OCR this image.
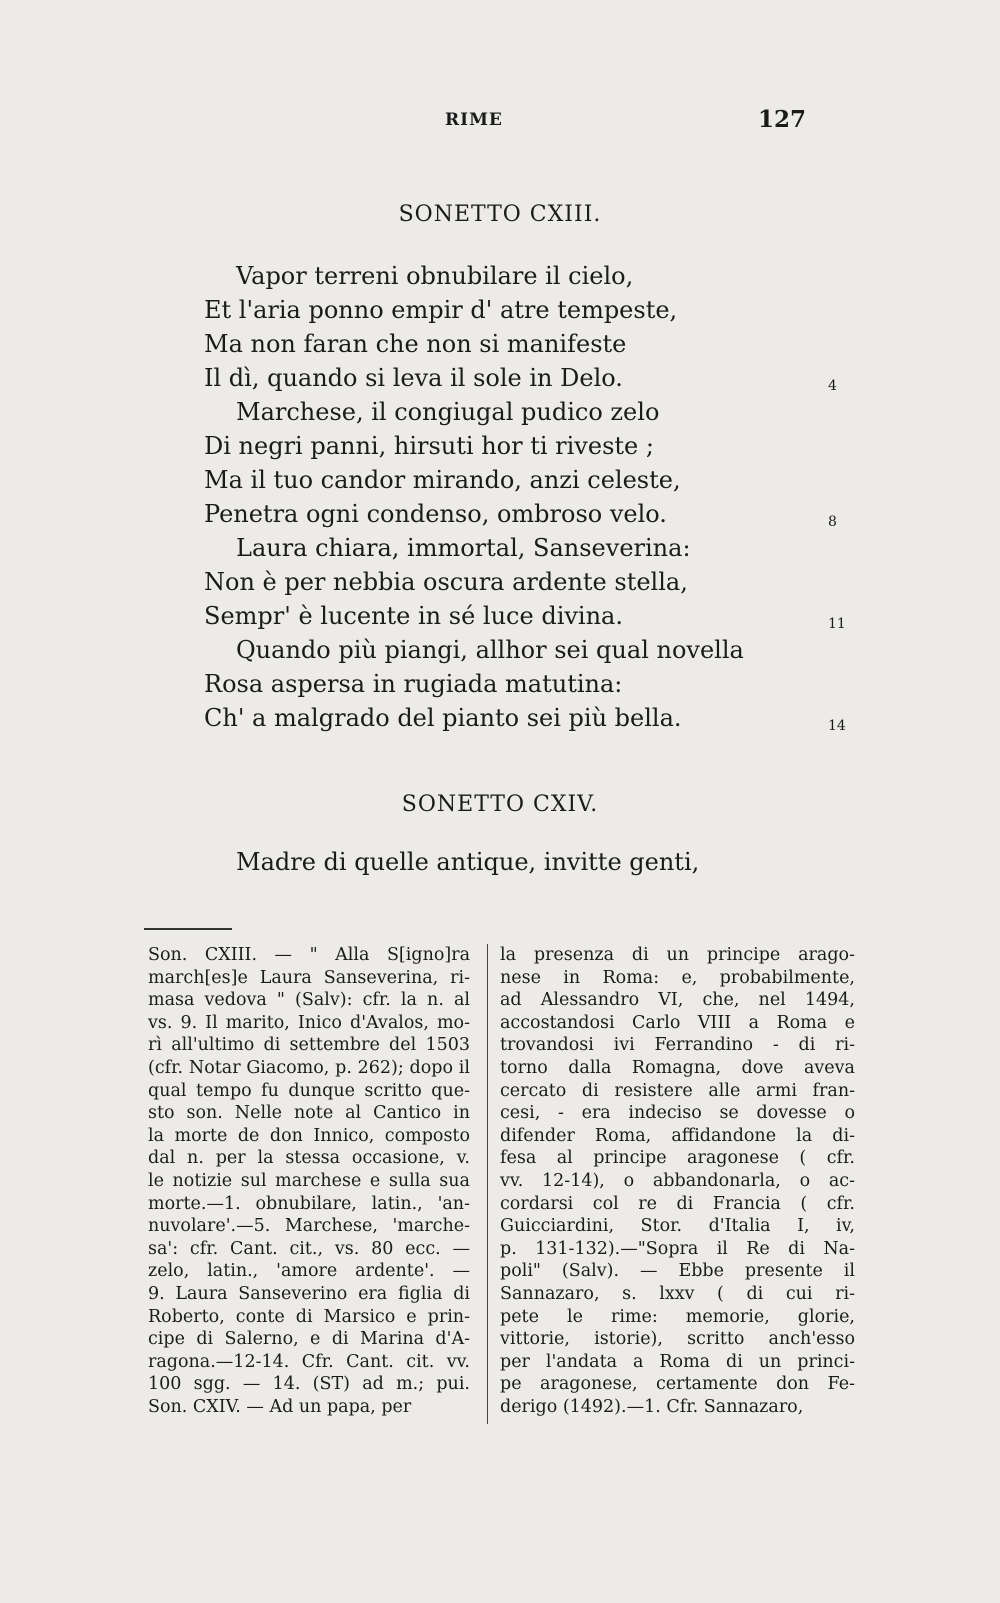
RIME	127
SONETTO CXIII.
Vapor terreni obnubilare il cielo,
Et l'aria ponno empir d' atre tempeste,
Ma non faran che non si manifeste
Il dì, quando si leva il sole in Delo.	4
Marchese, il congiugal pudico zelo
Di negri panni, hirsuti hor ti riveste ;
Ma il tuo candor mirando, anzi celeste,
Penetra ogni condenso, ombroso velo.	8
Laura chiara, immortal, Sanseverina:
Non è per nebbia oscura ardente stella,
Sempr' è lucente in sé luce divina.	11
Quando più piangi, allhor sei qual novella
Rosa aspersa in rugiada matutina:
Ch' a malgrado del pianto sei più bella.	14
SONETTO CXIV.
Madre di quelle antique, invitte genti,
Son. CXIII. — " Alla S[igno]ra
march[es]e Laura Sanseverina, ri-
masa vedova " (Salv): cfr. la n. al
vs. 9. Il marito, Inico d'Avalos, mo-
rì all'ultimo di settembre del 1503
(cfr. Notar Giacomo, p. 262); dopo il
qual tempo fu dunque scritto que-
sto son. Nelle note al Cantico in
la morte de don Innico, composto
dal n. per la stessa occasione, v.
le notizie sul marchese e sulla sua
morte.—1. obnubilare, latin., 'an-
nuvolare'.—5. Marchese, 'marche-
sa': cfr. Cant. cit., vs. 80 ecc. —
zelo, latin., 'amore ardente'. —
9. Laura Sanseverino era figlia di
Roberto, conte di Marsico e prin-
cipe di Salerno, e di Marina d'A-
ragona.—12-14. Cfr. Cant. cit. vv.
100 sgg. — 14. (ST) ad m.; pui.
Son. CXIV. — Ad un papa, per
la presenza di un principe arago-
nese in Roma: e, probabilmente,
ad Alessandro VI, che, nel 1494,
accostandosi Carlo VIII a Roma e
trovandosi ivi Ferrandino - di ri-
torno dalla Romagna, dove aveva
cercato di resistere alle armi fran-
cesi, - era indeciso se dovesse o
difender Roma, affidandone la di-
fesa al principe aragonese ( cfr.
vv. 12-14), o abbandonarla, o ac-
cordarsi col re di Francia ( cfr.
Guicciardini, Stor. d'Italia I, iv,
p. 131-132).—"Sopra il Re di Na-
poli" (Salv). — Ebbe presente il
Sannazaro, s. lxxv ( di cui ri-
pete le rime: memorie, glorie,
vittorie, istorie), scritto anch'esso
per l'andata a Roma di un princi-
pe aragonese, certamente don Fe-
derigo (1492).—1. Cfr. Sannazaro,
